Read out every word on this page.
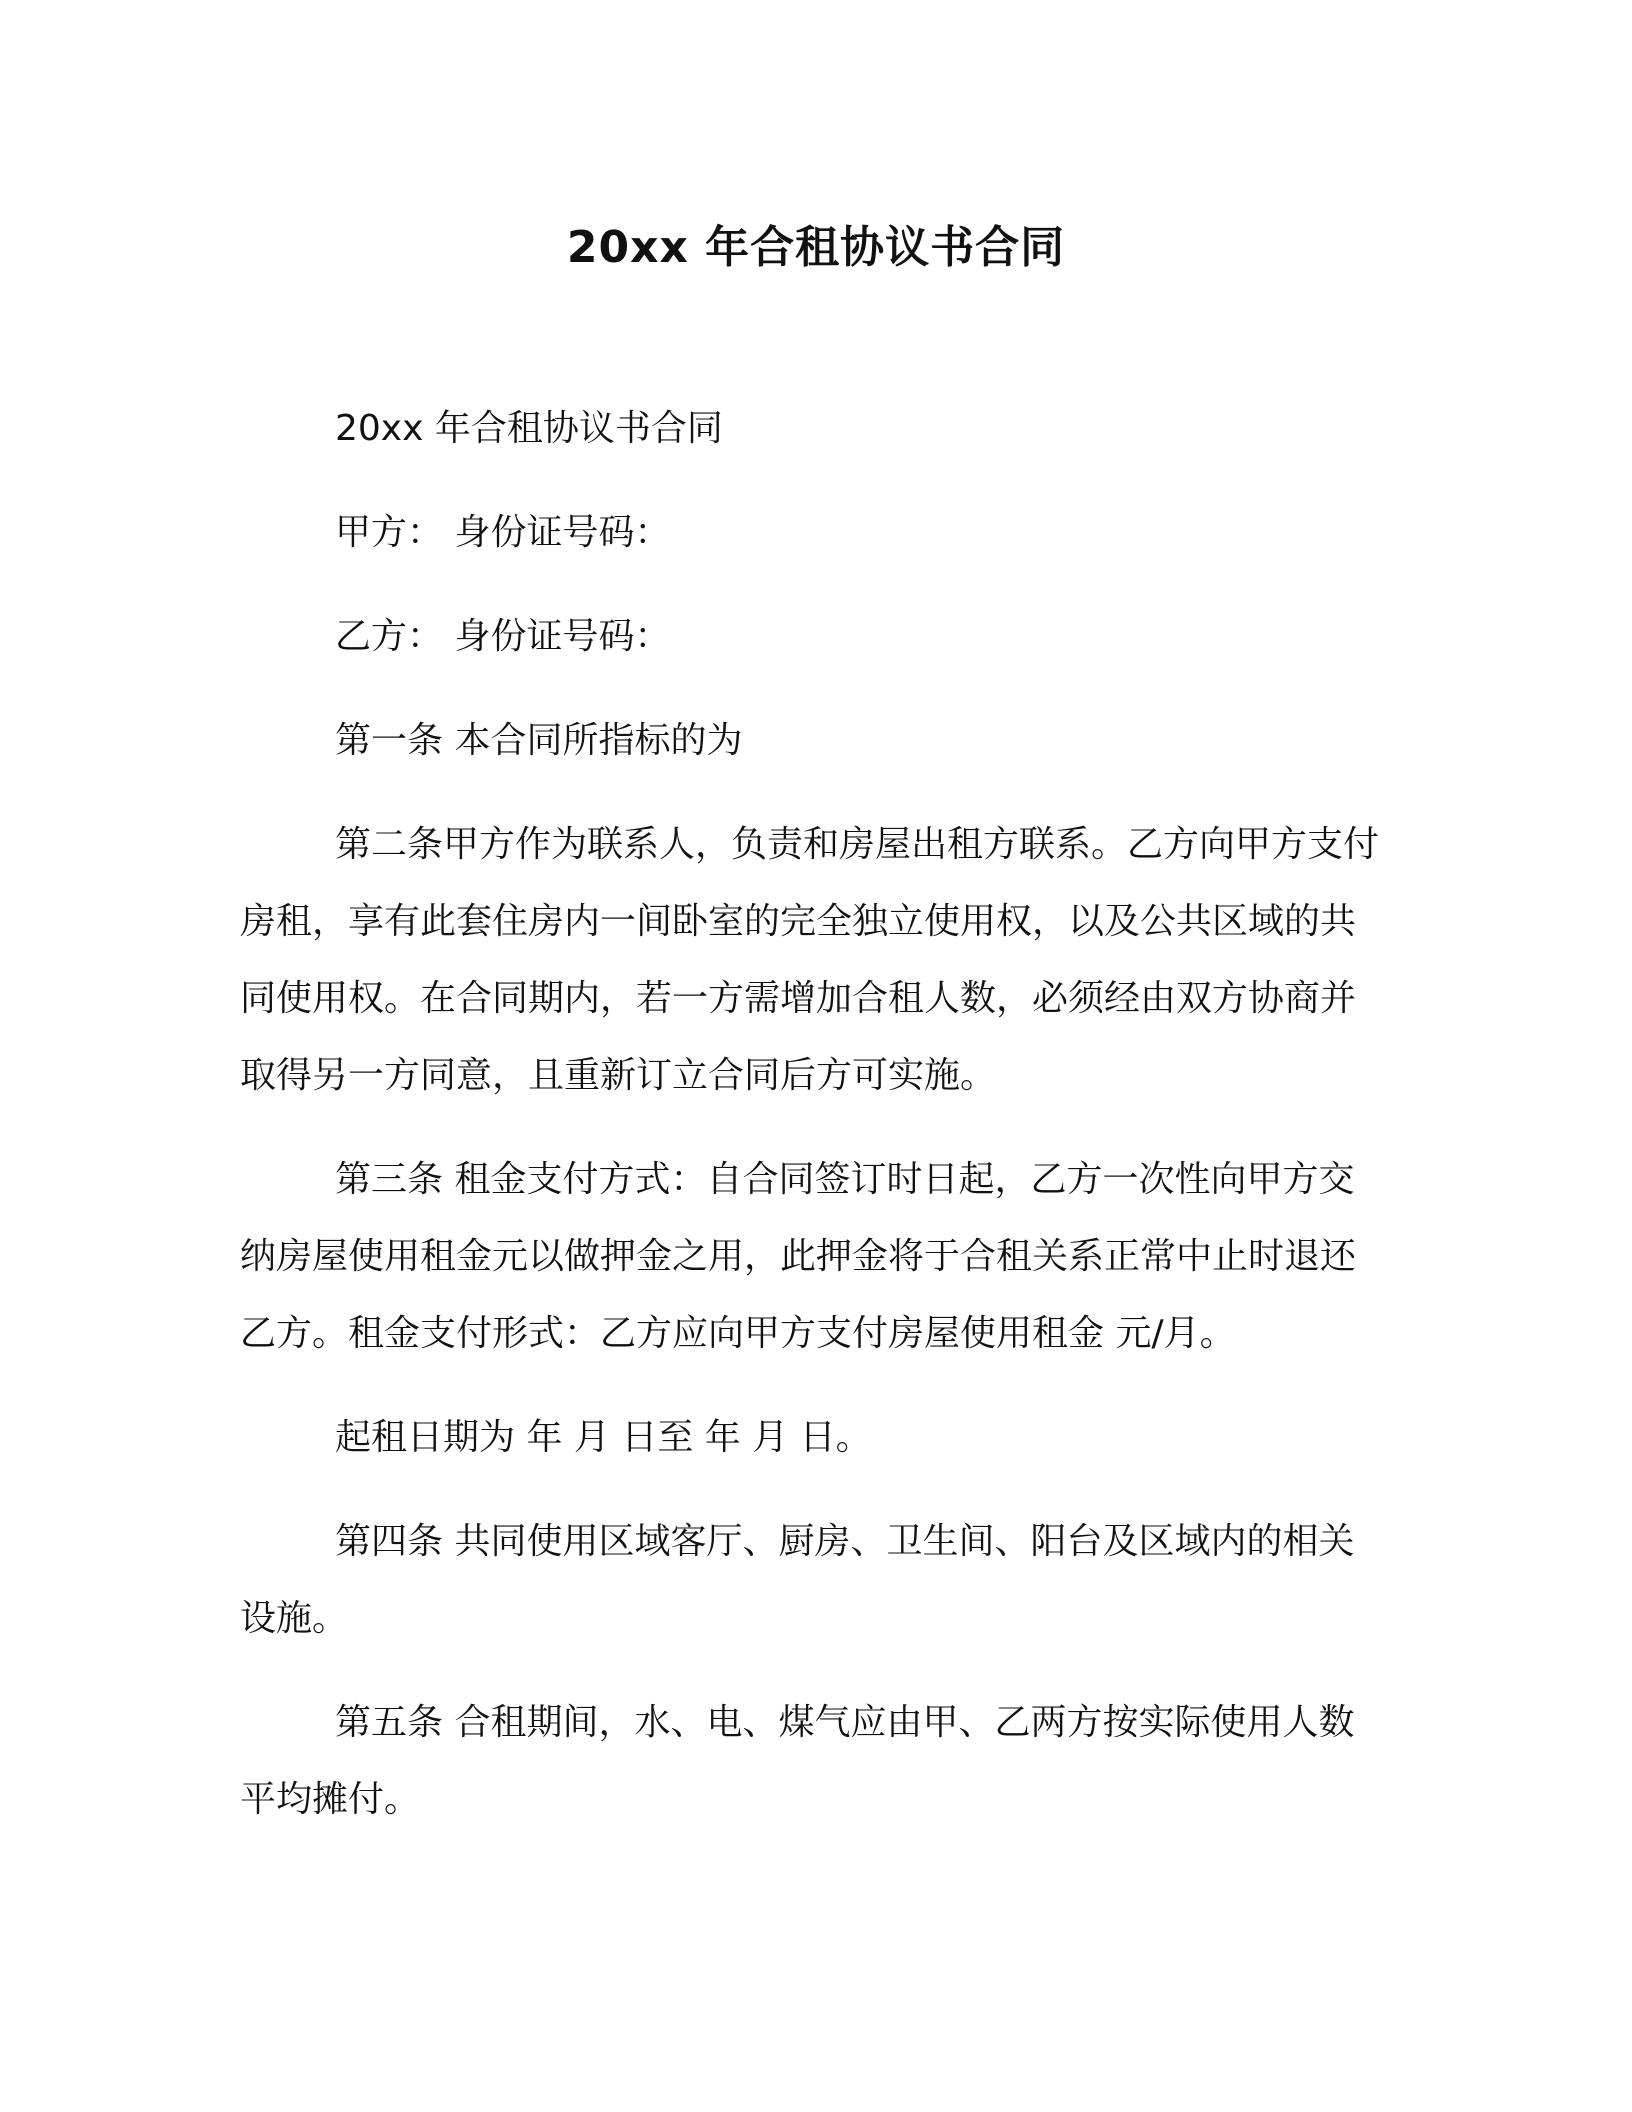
20xx 年合租协议书合同

20xx 年合租协议书合同

甲方： 身份证号码：

乙方： 身份证号码：

第一条 本合同所指标的为

第二条甲方作为联系人，负责和房屋出租方联系。乙方向甲方支付房租，享有此套住房内一间卧室的完全独立使用权，以及公共区域的共同使用权。在合同期内，若一方需增加合租人数，必须经由双方协商并取得另一方同意，且重新订立合同后方可实施。

第三条 租金支付方式：自合同签订时日起，乙方一次性向甲方交纳房屋使用租金元以做押金之用，此押金将于合租关系正常中止时退还乙方。租金支付形式：乙方应向甲方支付房屋使用租金 元/月。

起租日期为 年 月 日至 年 月 日。

第四条 共同使用区域客厅、厨房、卫生间、阳台及区域内的相关设施。

第五条 合租期间，水、电、煤气应由甲、乙两方按实际使用人数平均摊付。
